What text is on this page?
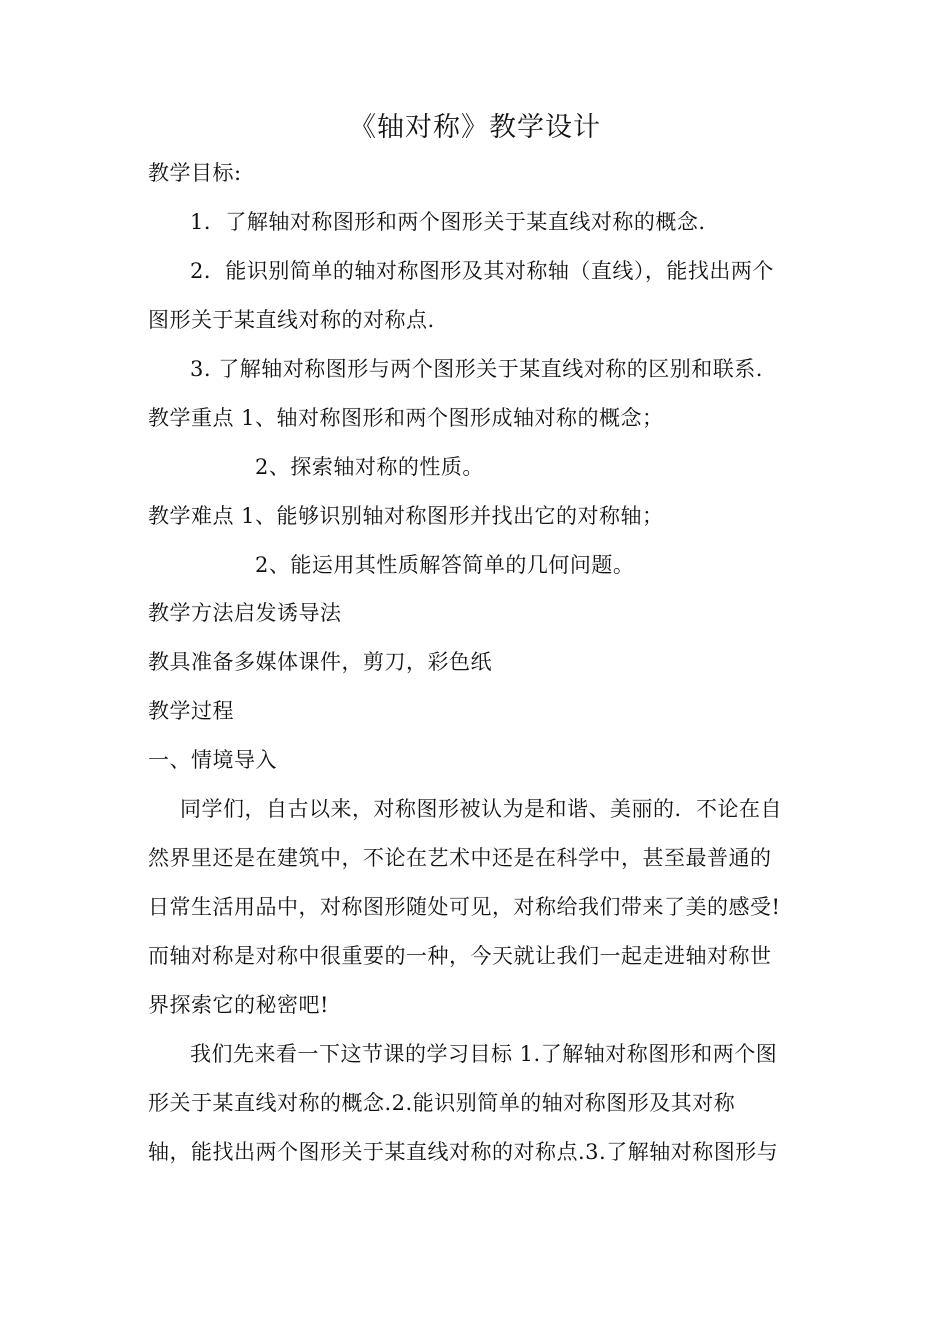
《轴对称》教学设计
教学目标:
1．了解轴对称图形和两个图形关于某直线对称的概念.
2．能识别简单的轴对称图形及其对称轴（直线），能找出两个
图形关于某直线对称的对称点.
3. 了解轴对称图形与两个图形关于某直线对称的区别和联系.
教学重点 1、轴对称图形和两个图形成轴对称的概念；
2、探索轴对称的性质。
教学难点 1、能够识别轴对称图形并找出它的对称轴；
2、能运用其性质解答简单的几何问题。
教学方法启发诱导法
教具准备多媒体课件，剪刀，彩色纸
教学过程
一、情境导入
同学们，自古以来，对称图形被认为是和谐、美丽的．不论在自
然界里还是在建筑中，不论在艺术中还是在科学中，甚至最普通的
日常生活用品中，对称图形随处可见，对称给我们带来了美的感受!
而轴对称是对称中很重要的一种，今天就让我们一起走进轴对称世
界探索它的秘密吧!
我们先来看一下这节课的学习目标 1.了解轴对称图形和两个图
形关于某直线对称的概念.2.能识别简单的轴对称图形及其对称
轴，能找出两个图形关于某直线对称的对称点.3.了解轴对称图形与
